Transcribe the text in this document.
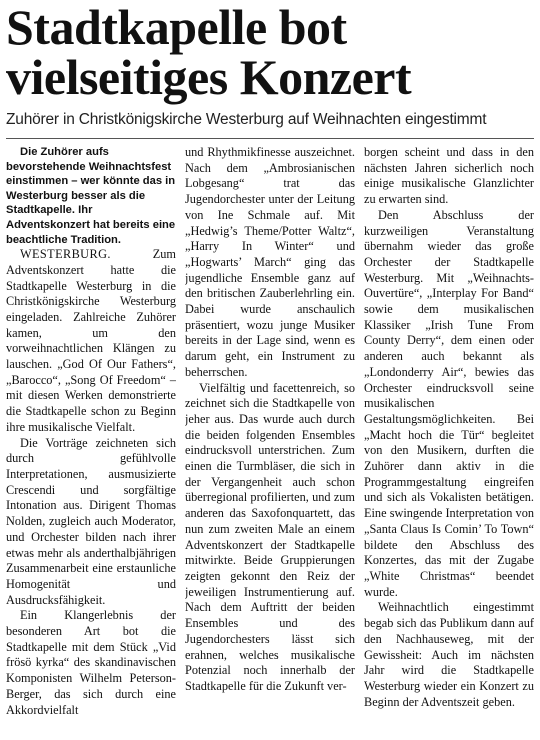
Stadtkapelle bot
vielseitiges Konzert
Zuhörer in Christkönigskirche Westerburg auf Weihnachten eingestimmt

Die Zuhörer aufs bevorstehende Weihnachtsfest einstimmen – wer könnte das in Westerburg besser als die Stadtkapelle. Ihr Adventskonzert hat bereits eine beachtliche Tradition.

WESTERBURG.	Zum Adventskonzert hatte die Stadtkapelle Westerburg in die Christkönigskirche Westerburg eingeladen. Zahlreiche Zuhörer kamen, um den vorweihnachtlichen Klängen zu lauschen. „God Of Our Fathers“, „Barocco“, „Song Of Freedom“ – mit diesen Werken demonstrierte die Stadtkapelle schon zu Beginn ihre musikalische Vielfalt.

Die Vorträge zeichneten sich durch gefühlvolle Interpretationen, ausmusizierte Crescendi und sorgfältige Intonation aus. Dirigent Thomas Nolden, zugleich auch Moderator, und Orchester bilden nach ihrer etwas mehr als anderthalbjährigen Zusammenarbeit eine erstaunliche Homogenität und Ausdrucksfähigkeit.

Ein Klangerlebnis der besonderen Art bot die Stadtkapelle mit dem Stück „Vid frösö kyrka“ des skandinavischen Komponisten Wilhelm Peterson-Berger, das sich durch eine Akkordvielfalt

und Rhythmikfinesse auszeichnet. Nach dem „Ambrosianischen Lobgesang“ trat das Jugendorchester unter der Leitung von Ine Schmale auf. Mit „Hedwig’s Theme/Potter Waltz“, „Harry In Winter“ und „Hogwarts’ March“ ging das jugendliche Ensemble ganz auf den britischen Zauberlehrling ein. Dabei wurde anschaulich präsentiert, wozu junge Musiker bereits in der Lage sind, wenn es darum geht, ein Instrument zu beherrschen.

Vielfältig und facettenreich, so zeichnet sich die Stadtkapelle von jeher aus. Das wurde auch durch die beiden folgenden Ensembles eindrucksvoll unterstrichen. Zum einen die Turmbläser, die sich in der Vergangenheit auch schon überregional profilierten, und zum anderen das Saxofonquartett, das nun zum zweiten Male an einem Adventskonzert der Stadtkapelle mitwirkte. Beide Gruppierungen zeigten gekonnt den Reiz der jeweiligen Instrumentierung auf. Nach dem Auftritt der beiden Ensembles und des Jugendorchesters lässt sich erahnen, welches musikalische Potenzial noch innerhalb der Stadtkapelle für die Zukunft ver-

borgen scheint und dass in den nächsten Jahren sicherlich noch einige musikalische Glanzlichter zu erwarten sind.

Den Abschluss der kurzweiligen Veranstaltung übernahm wieder das große Orchester der Stadtkapelle Westerburg. Mit „Weihnachts-Ouvertüre“, „Interplay For Band“ sowie dem musikalischen Klassiker „Irish Tune From County Derry“, dem einen oder anderen auch bekannt als „Londonderry Air“, bewies das Orchester eindrucksvoll seine musikalischen Gestaltungsmöglichkeiten. Bei „Macht hoch die Tür“ begleitet von den Musikern, durften die Zuhörer dann aktiv in die Programmgestaltung eingreifen und sich als Vokalisten betätigen. Eine swingende Interpretation von „Santa Claus Is Comin’ To Town“ bildete den Abschluss des Konzertes, das mit der Zugabe „White Christmas“ beendet wurde.

Weihnachtlich eingestimmt begab sich das Publikum dann auf den Nachhauseweg, mit der Gewissheit: Auch im nächsten Jahr wird die Stadtkapelle Westerburg wieder ein Konzert zu Beginn der Adventszeit geben.
